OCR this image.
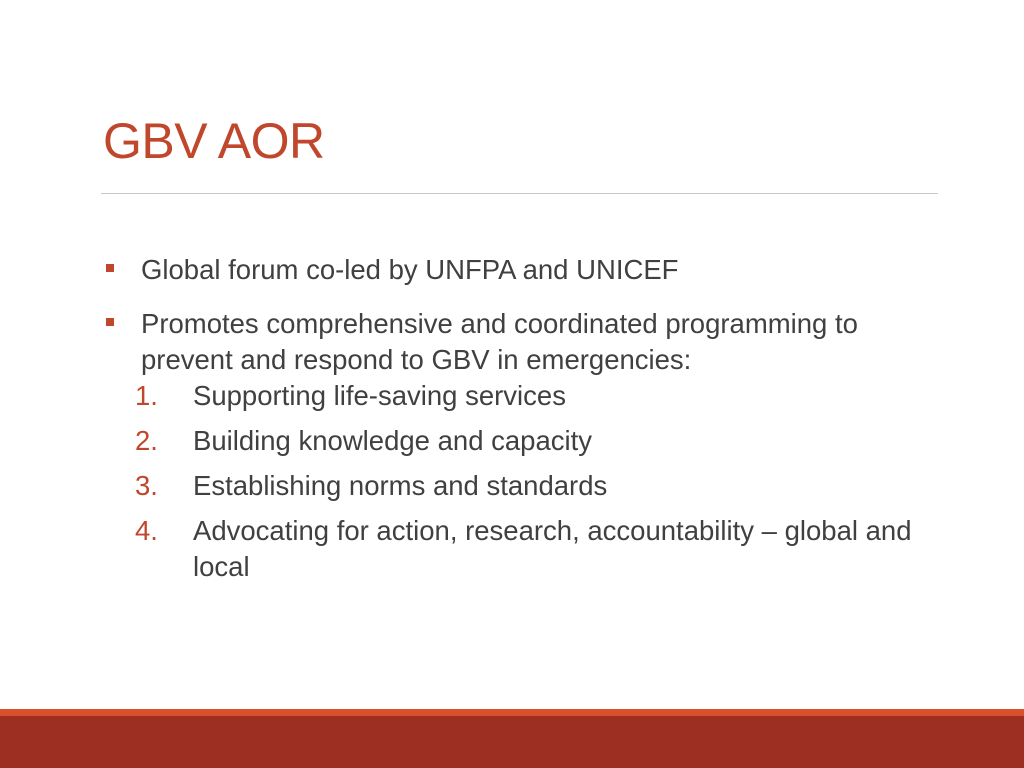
GBV AOR
Global forum co-led by UNFPA and UNICEF
Promotes comprehensive and coordinated programming to prevent and respond to GBV in emergencies:
1. Supporting life-saving services
2. Building knowledge and capacity
3. Establishing norms and standards
4. Advocating for action, research, accountability – global and local
